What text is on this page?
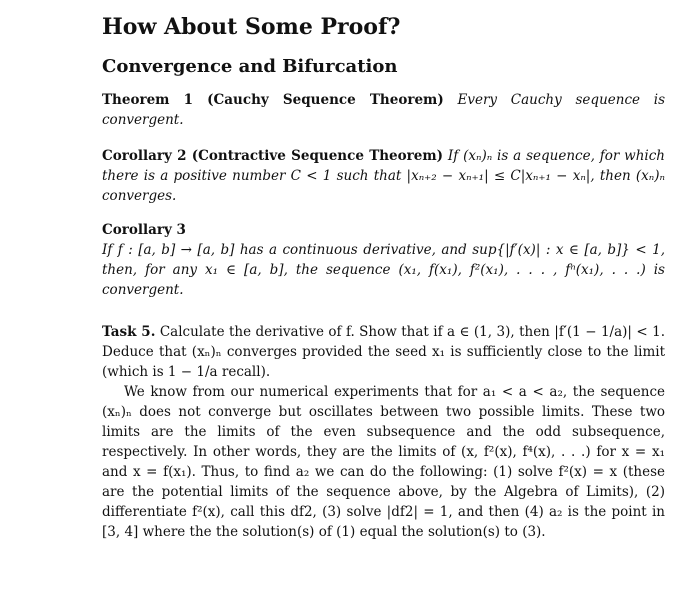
How About Some Proof?
Convergence and Bifurcation
Theorem 1 (Cauchy Sequence Theorem) Every Cauchy sequence is convergent.
Corollary 2 (Contractive Sequence Theorem) If (xₙ)ₙ is a sequence, for which there is a positive number C < 1 such that |xₙ₊₂ − xₙ₊₁| ≤ C|xₙ₊₁ − xₙ|, then (xₙ)ₙ converges.
Corollary 3
If f : [a, b] → [a, b] has a continuous derivative, and sup{|f′(x)| : x ∈ [a, b]} < 1, then, for any x₁ ∈ [a, b], the sequence (x₁, f(x₁), f²(x₁), . . . , fⁿ(x₁), . . .) is convergent.

Task 5. Calculate the derivative of f. Show that if a ∈ (1, 3), then |f′(1 − 1/a)| < 1. Deduce that (xₙ)ₙ converges provided the seed x₁ is sufficiently close to the limit (which is 1 − 1/a recall).

We know from our numerical experiments that for a₁ < a < a₂, the sequence (xₙ)ₙ does not converge but oscillates between two possible limits. These two limits are the limits of the even subsequence and the odd subsequence, respectively. In other words, they are the limits of (x, f²(x), f⁴(x), . . .) for x = x₁ and x = f(x₁). Thus, to find a₂ we can do the following: (1) solve f²(x) = x (these are the potential limits of the sequence above, by the Algebra of Limits), (2) differentiate f²(x), call this df2, (3) solve |df2| = 1, and then (4) a₂ is the point in [3, 4] where the the solution(s) of (1) equal the solution(s) to (3).
